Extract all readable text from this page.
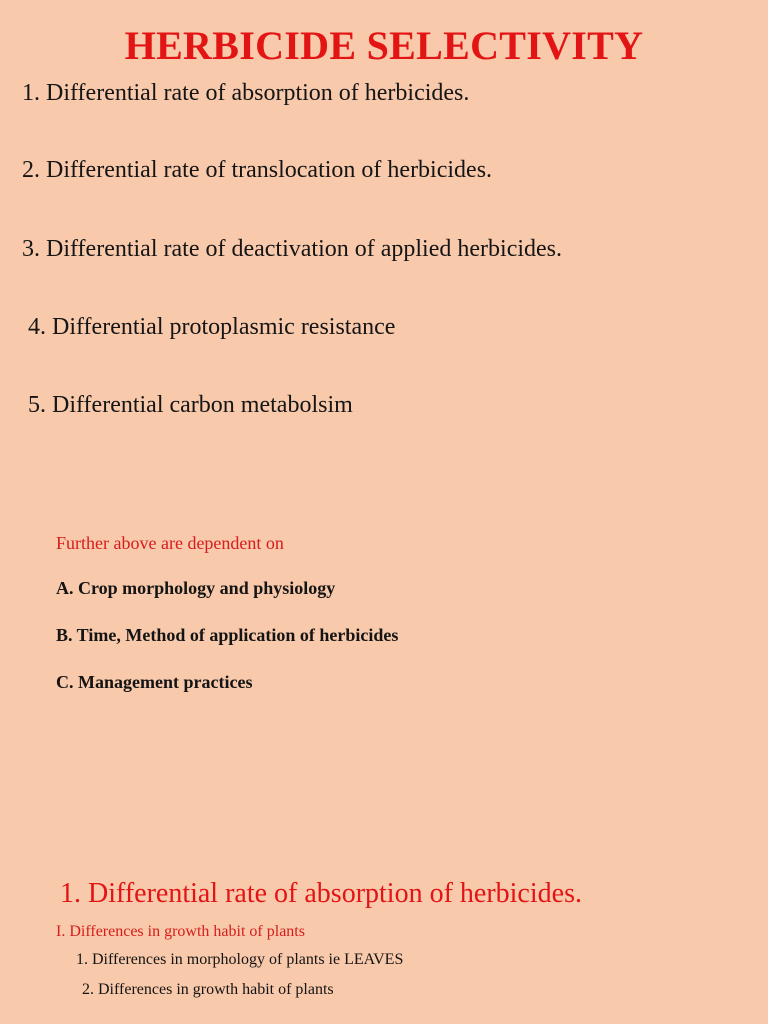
HERBICIDE SELECTIVITY
1. Differential rate of absorption of herbicides.
2. Differential rate of translocation of herbicides.
3. Differential rate of deactivation of applied herbicides.
4. Differential protoplasmic resistance
5. Differential carbon metabolsim
Further above are dependent on
A. Crop morphology and physiology
B. Time, Method of application of herbicides
C. Management practices
1. Differential rate of absorption of herbicides.
I. Differences in growth habit of plants
1. Differences in morphology of plants ie LEAVES
2. Differences in growth habit of plants
